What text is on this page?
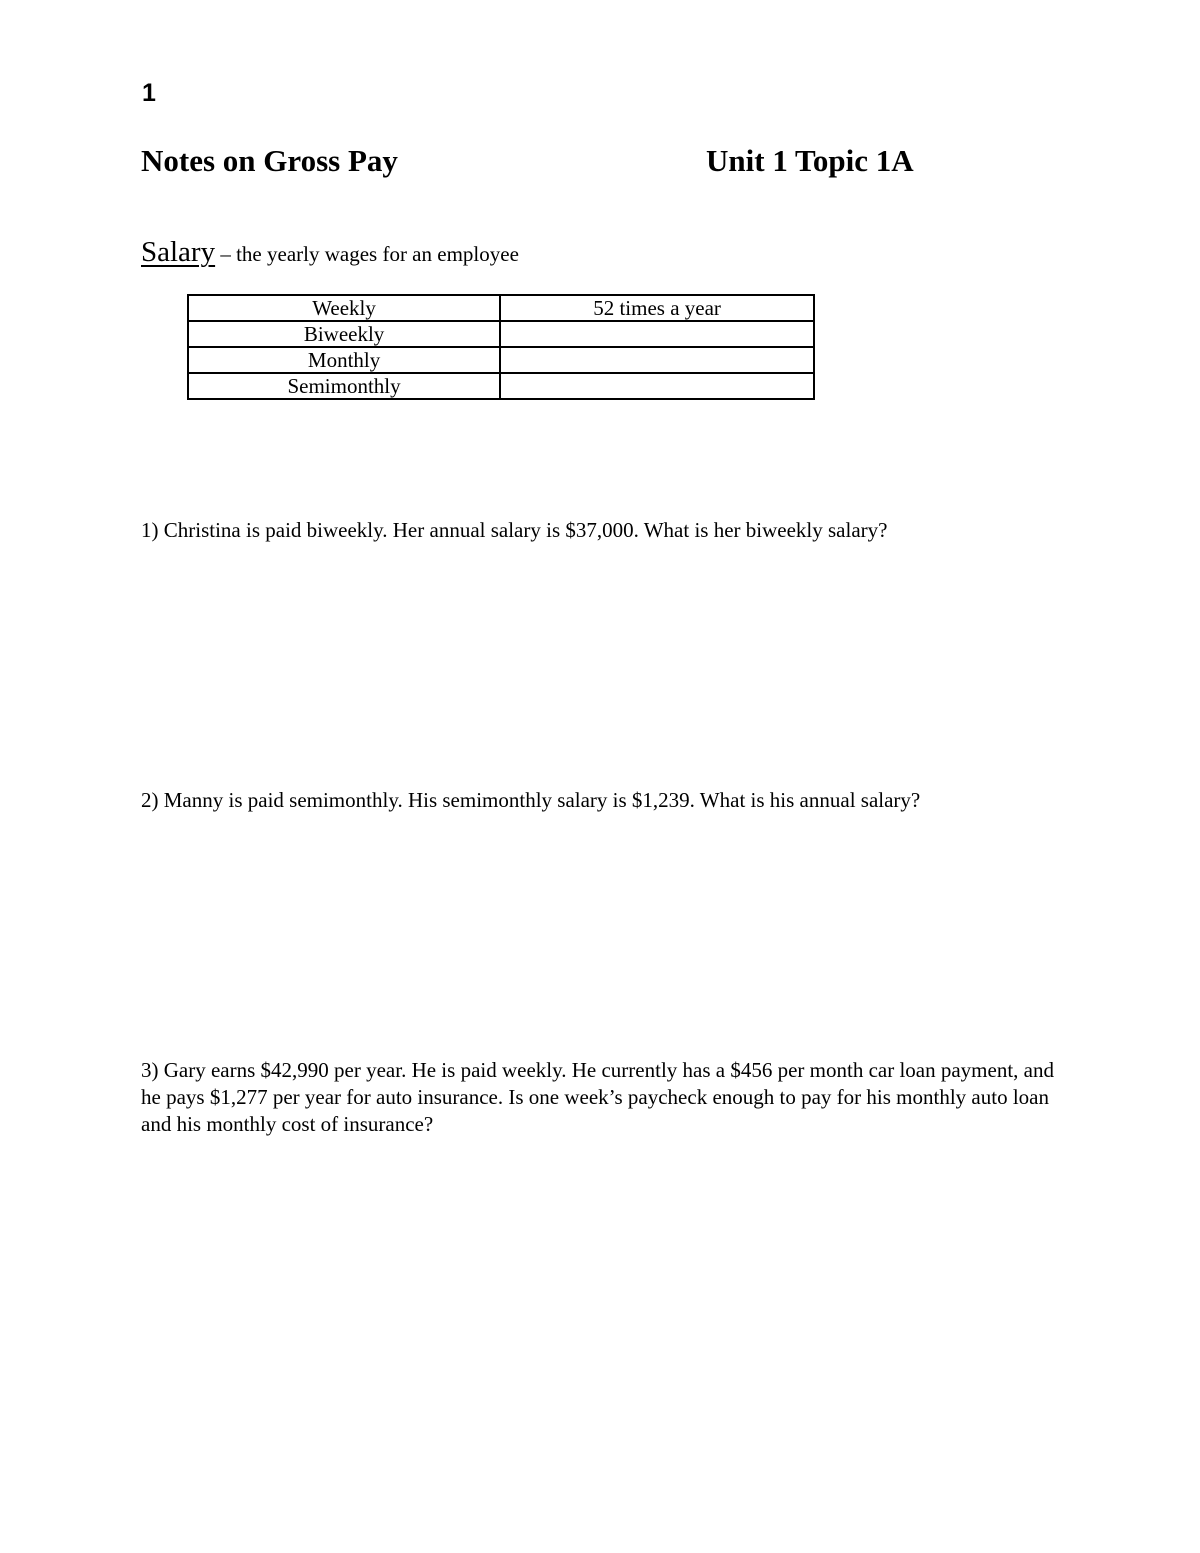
1
Notes on Gross Pay	Unit 1 Topic 1A
Salary – the yearly wages for an employee
Weekly	52 times a year
Biweekly	
Monthly	
Semimonthly	
1) Christina is paid biweekly. Her annual salary is $37,000. What is her biweekly salary?
2) Manny is paid semimonthly. His semimonthly salary is $1,239. What is his annual salary?
3) Gary earns $42,990 per year. He is paid weekly. He currently has a $456 per month car loan payment, and he pays $1,277 per year for auto insurance. Is one week’s paycheck enough to pay for his monthly auto loan and his monthly cost of insurance?
